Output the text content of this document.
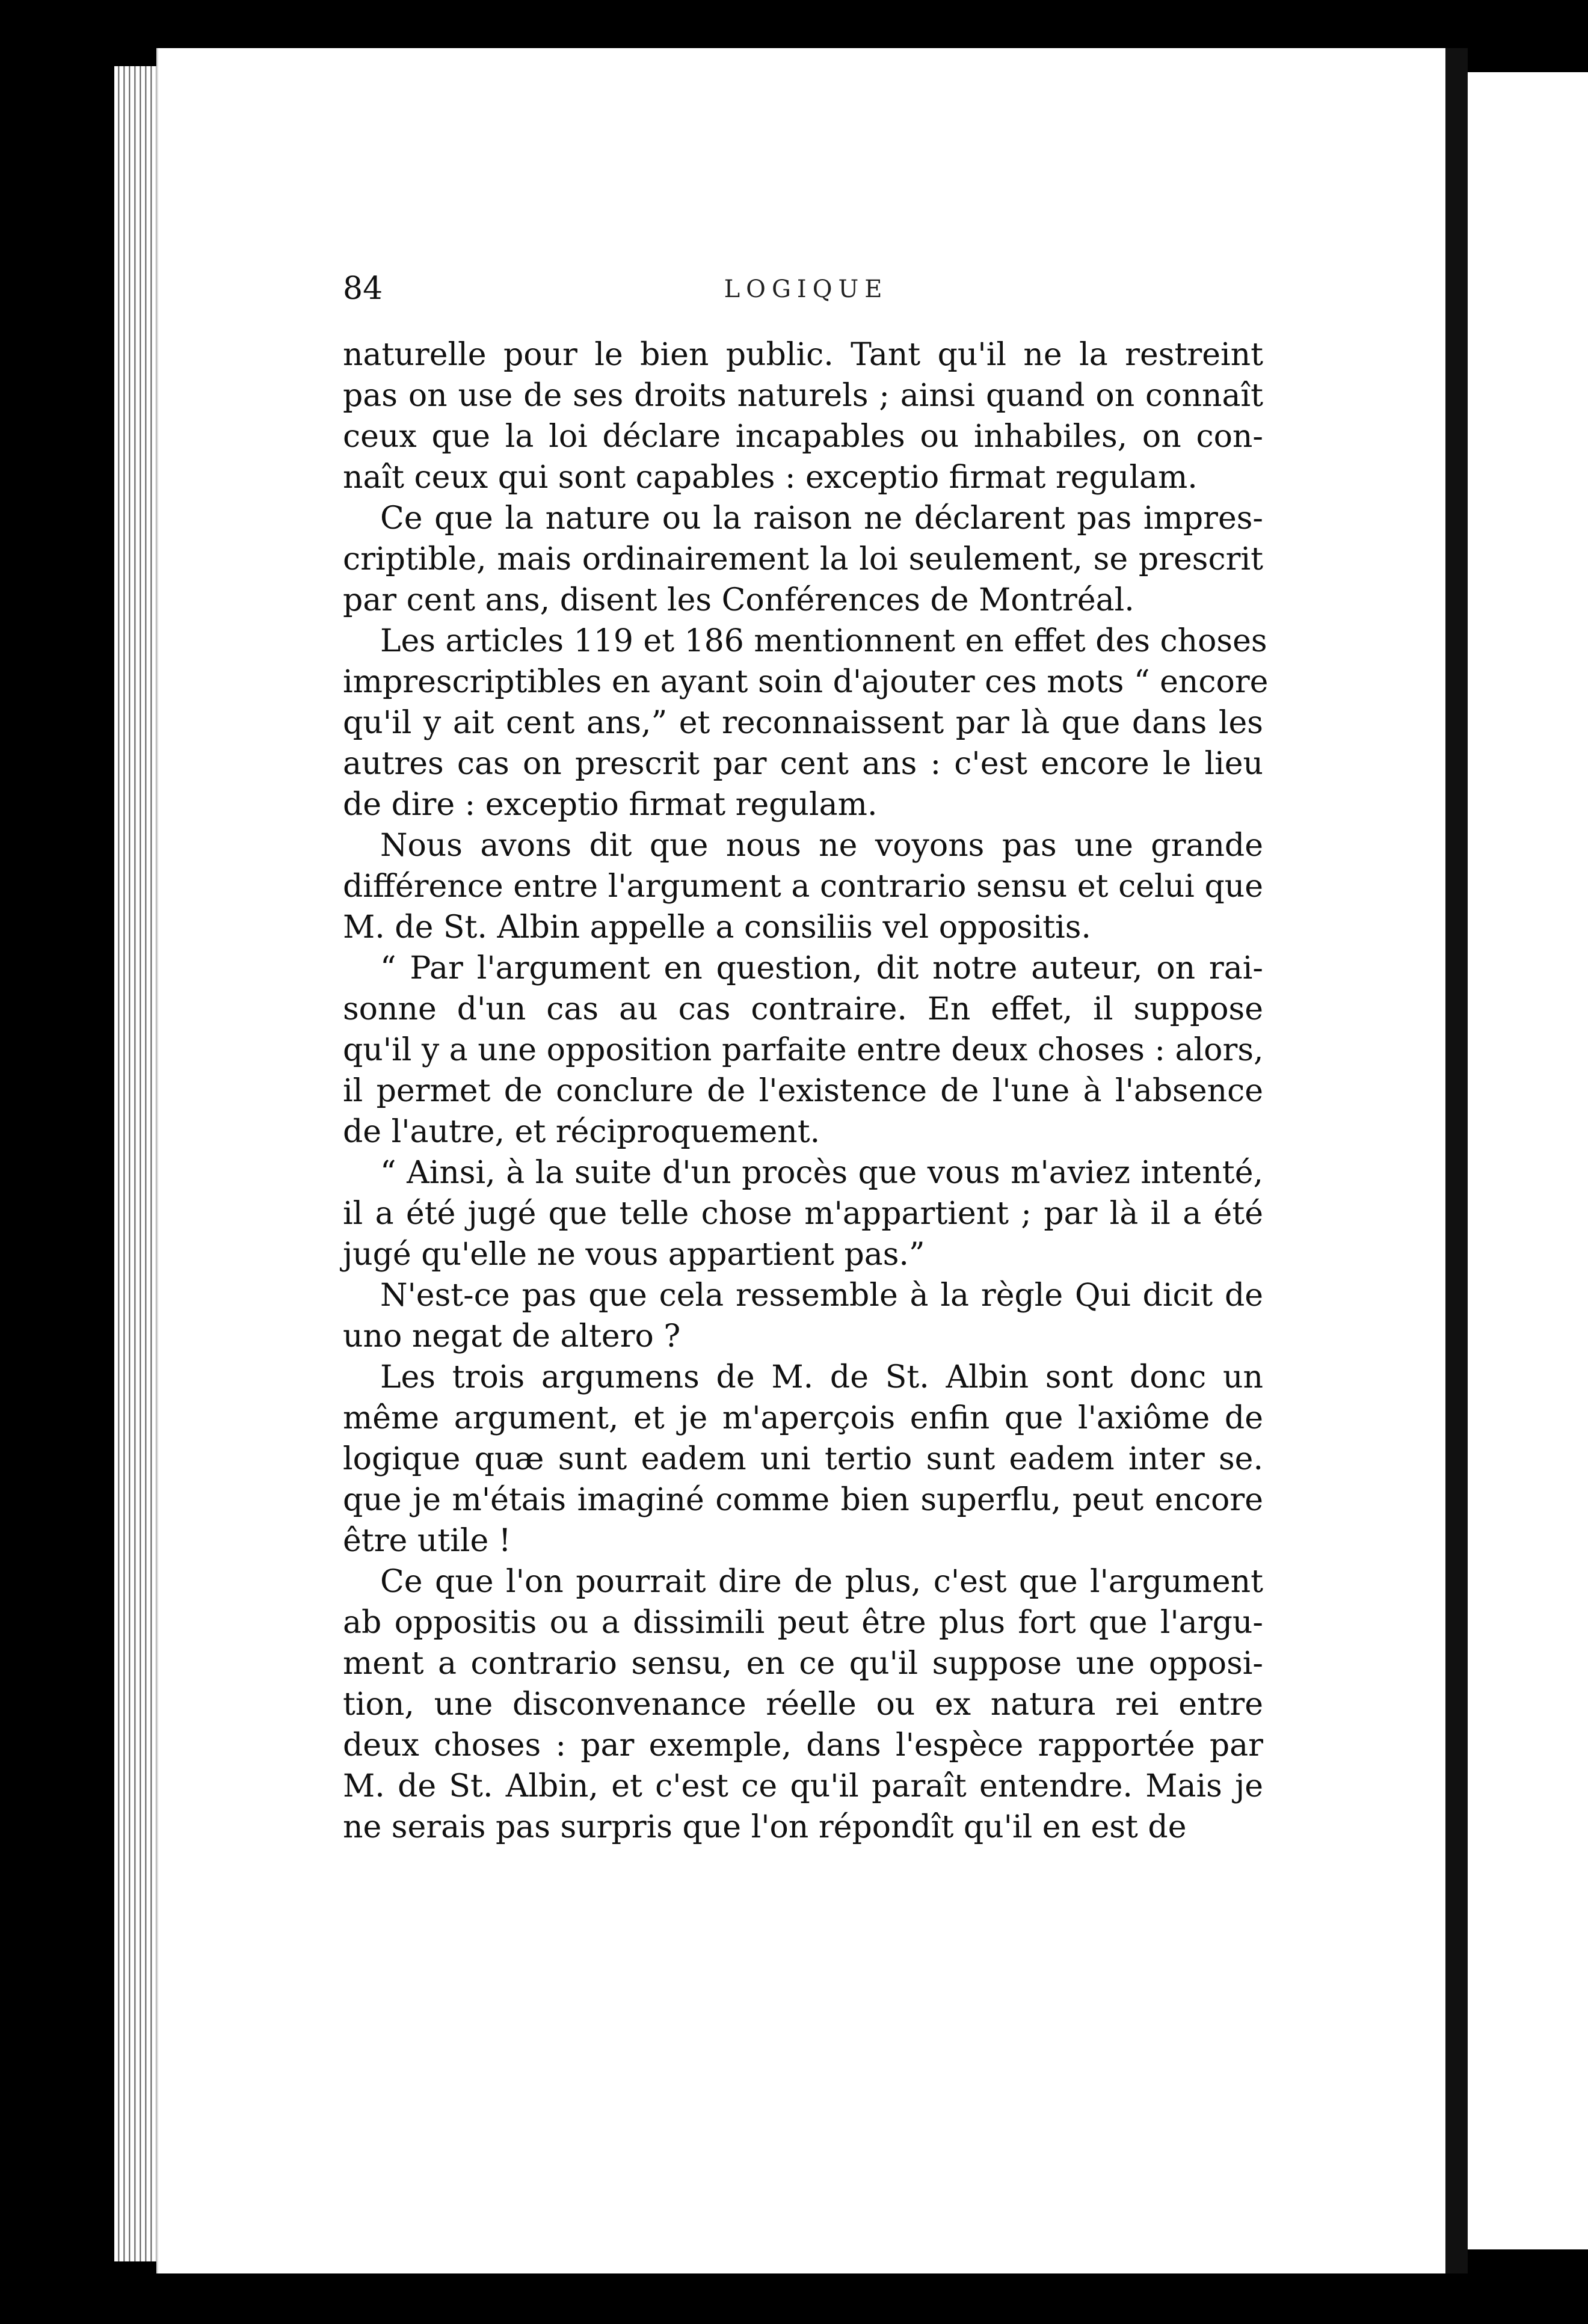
84	LOGIQUE
naturelle pour le bien public. Tant qu'il ne la restreint
pas on use de ses droits naturels ; ainsi quand on connaît
ceux que la loi déclare incapables ou inhabiles, on con-
naît ceux qui sont capables : exceptio firmat regulam.
Ce que la nature ou la raison ne déclarent pas impres-
criptible, mais ordinairement la loi seulement, se prescrit
par cent ans, disent les Conférences de Montréal.
Les articles 119 et 186 mentionnent en effet des choses
imprescriptibles en ayant soin d'ajouter ces mots “ encore
qu'il y ait cent ans,” et reconnaissent par là que dans les
autres cas on prescrit par cent ans : c'est encore le lieu
de dire : exceptio firmat regulam.
Nous avons dit que nous ne voyons pas une grande
différence entre l'argument a contrario sensu et celui que
M. de St. Albin appelle a consiliis vel oppositis.
“ Par l'argument en question, dit notre auteur, on rai-
sonne d'un cas au cas contraire. En effet, il suppose
qu'il y a une opposition parfaite entre deux choses : alors,
il permet de conclure de l'existence de l'une à l'absence
de l'autre, et réciproquement.
“ Ainsi, à la suite d'un procès que vous m'aviez intenté,
il a été jugé que telle chose m'appartient ; par là il a été
jugé qu'elle ne vous appartient pas.”
N'est-ce pas que cela ressemble à la règle Qui dicit de
uno negat de altero ?
Les trois argumens de M. de St. Albin sont donc un
même argument, et je m'aperçois enfin que l'axiôme de
logique quæ sunt eadem uni tertio sunt eadem inter se.
que je m'étais imaginé comme bien superflu, peut encore
être utile !
Ce que l'on pourrait dire de plus, c'est que l'argument
ab oppositis ou a dissimili peut être plus fort que l'argu-
ment a contrario sensu, en ce qu'il suppose une opposi-
tion, une disconvenance réelle ou ex natura rei entre
deux choses : par exemple, dans l'espèce rapportée par
M. de St. Albin, et c'est ce qu'il paraît entendre. Mais je
ne serais pas surpris que l'on répondît qu'il en est de
